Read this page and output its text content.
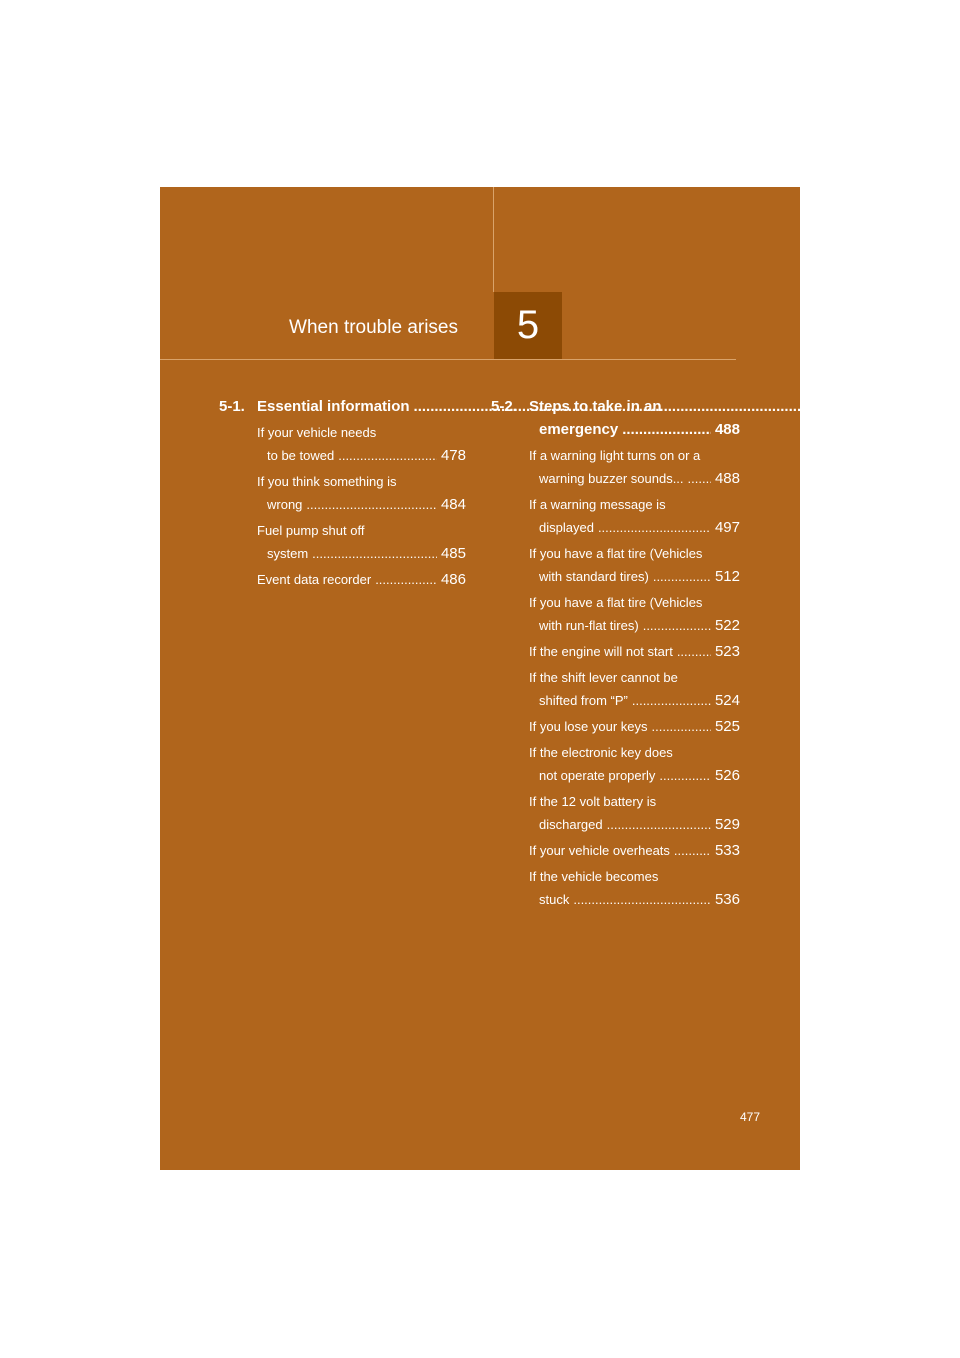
When trouble arises 5
5-1. Essential information .....	478
If your vehicle needs
to be towed .....	478
If you think something is
wrong .....	484
Fuel pump shut off
system .....	485
Event data recorder .....	486
5-2. Steps to take in an
emergency .....	488
If a warning light turns on or a
warning buzzer sounds... ..... 488
If a warning message is
displayed .....	497
If you have a flat tire (Vehicles
with standard tires) .....	512
If you have a flat tire (Vehicles
with run-flat tires) .....	522
If the engine will not start .....	523
If the shift lever cannot be
shifted from “P” .....	524
If you lose your keys .....	525
If the electronic key does
not operate properly .....	526
If the 12 volt battery is
discharged .....	529
If your vehicle overheats .....	533
If the vehicle becomes
stuck .....	536
477
